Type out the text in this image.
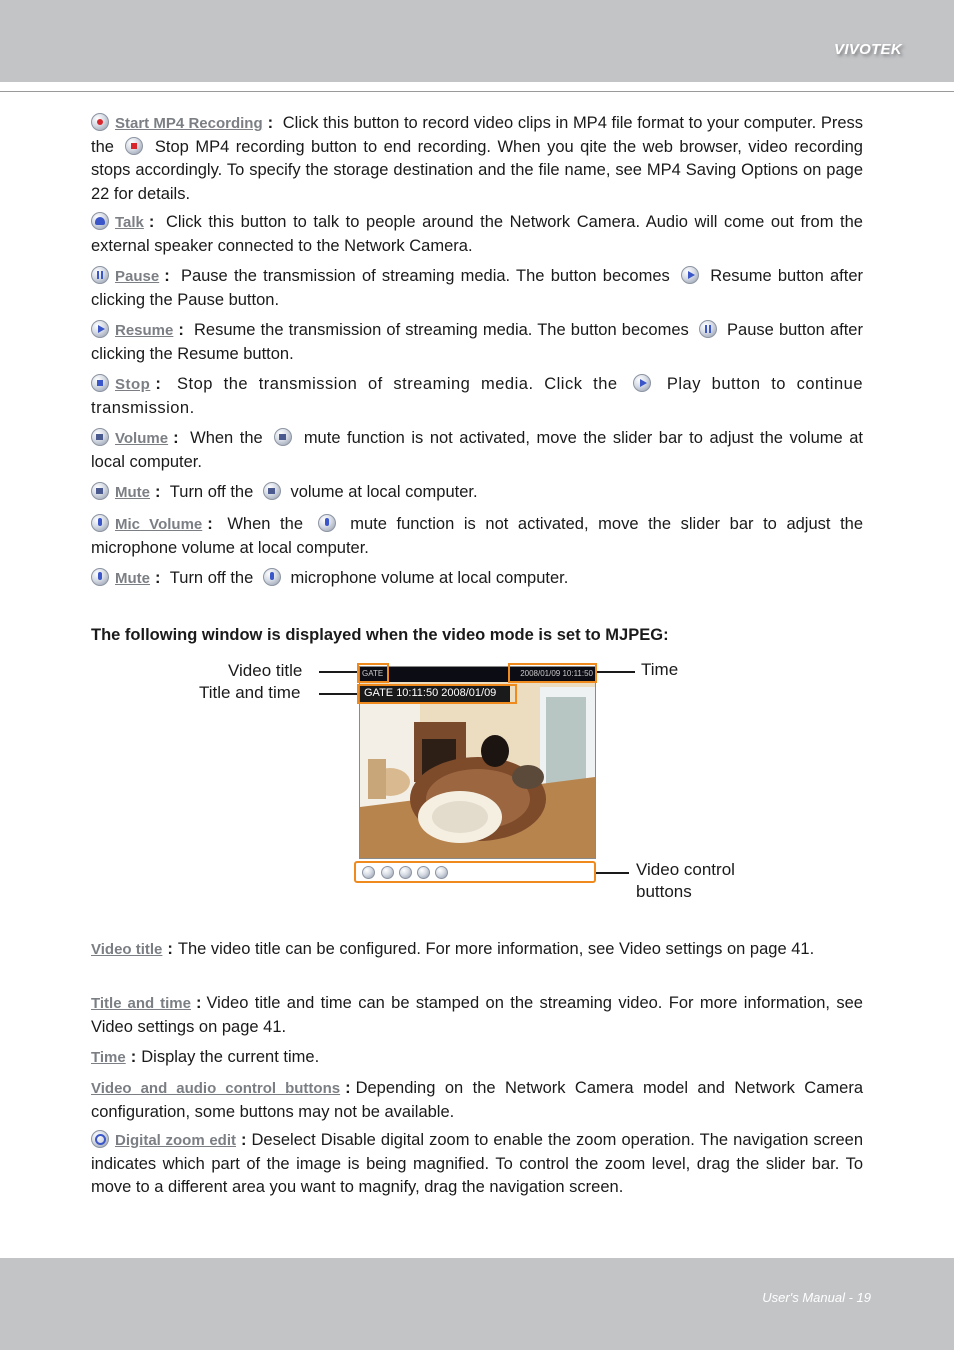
VIVOTEK

Start MP4 Recording : Click this button to record video clips in MP4 file format to your computer. Press the Stop MP4 recording button to end recording. When you qite the web browser, video recording stops accordingly. To specify the storage destination and the file name, see MP4 Saving Options on page 22 for details.

Talk : Click this button to talk to people around the Network Camera. Audio will come out from the external speaker connected to the Network Camera.

Pause : Pause the transmission of streaming media. The button becomes Resume button after clicking the Pause button.

Resume : Resume the transmission of streaming media. The button becomes Pause button after clicking the Resume button.

Stop : Stop the transmission of streaming media. Click the	Play button to continue transmission.

Volume : When the mute function is not activated, move the slider bar to adjust the volume at local computer.

Mute : Turn off the volume at local computer.

Mic Volume : When the	mute function is not activated, move the slider bar to adjust the microphone volume at local computer.

Mute : Turn off the microphone volume at local computer.

The following window is displayed when the video mode is set to MJPEG:

Video title

Title and time

Time

Video control

buttons

GATE	2008/01/09 10:11:50
GATE 10:11:50 2008/01/09

Video title : The video title can be configured. For more information, see Video settings on page 41.

Title and time : Video title and time can be stamped on the streaming video. For more information, see Video settings on page 41.

Time : Display the current time.

Video and audio control buttons : Depending on the Network Camera model and Network Camera configuration, some buttons may not be available.

Digital zoom edit : Deselect Disable digital zoom to enable the zoom operation. The navigation screen indicates which part of the image is being magnified. To control the zoom level, drag the slider bar. To move to a different area you want to magnify, drag the navigation screen.

User's Manual - 19
